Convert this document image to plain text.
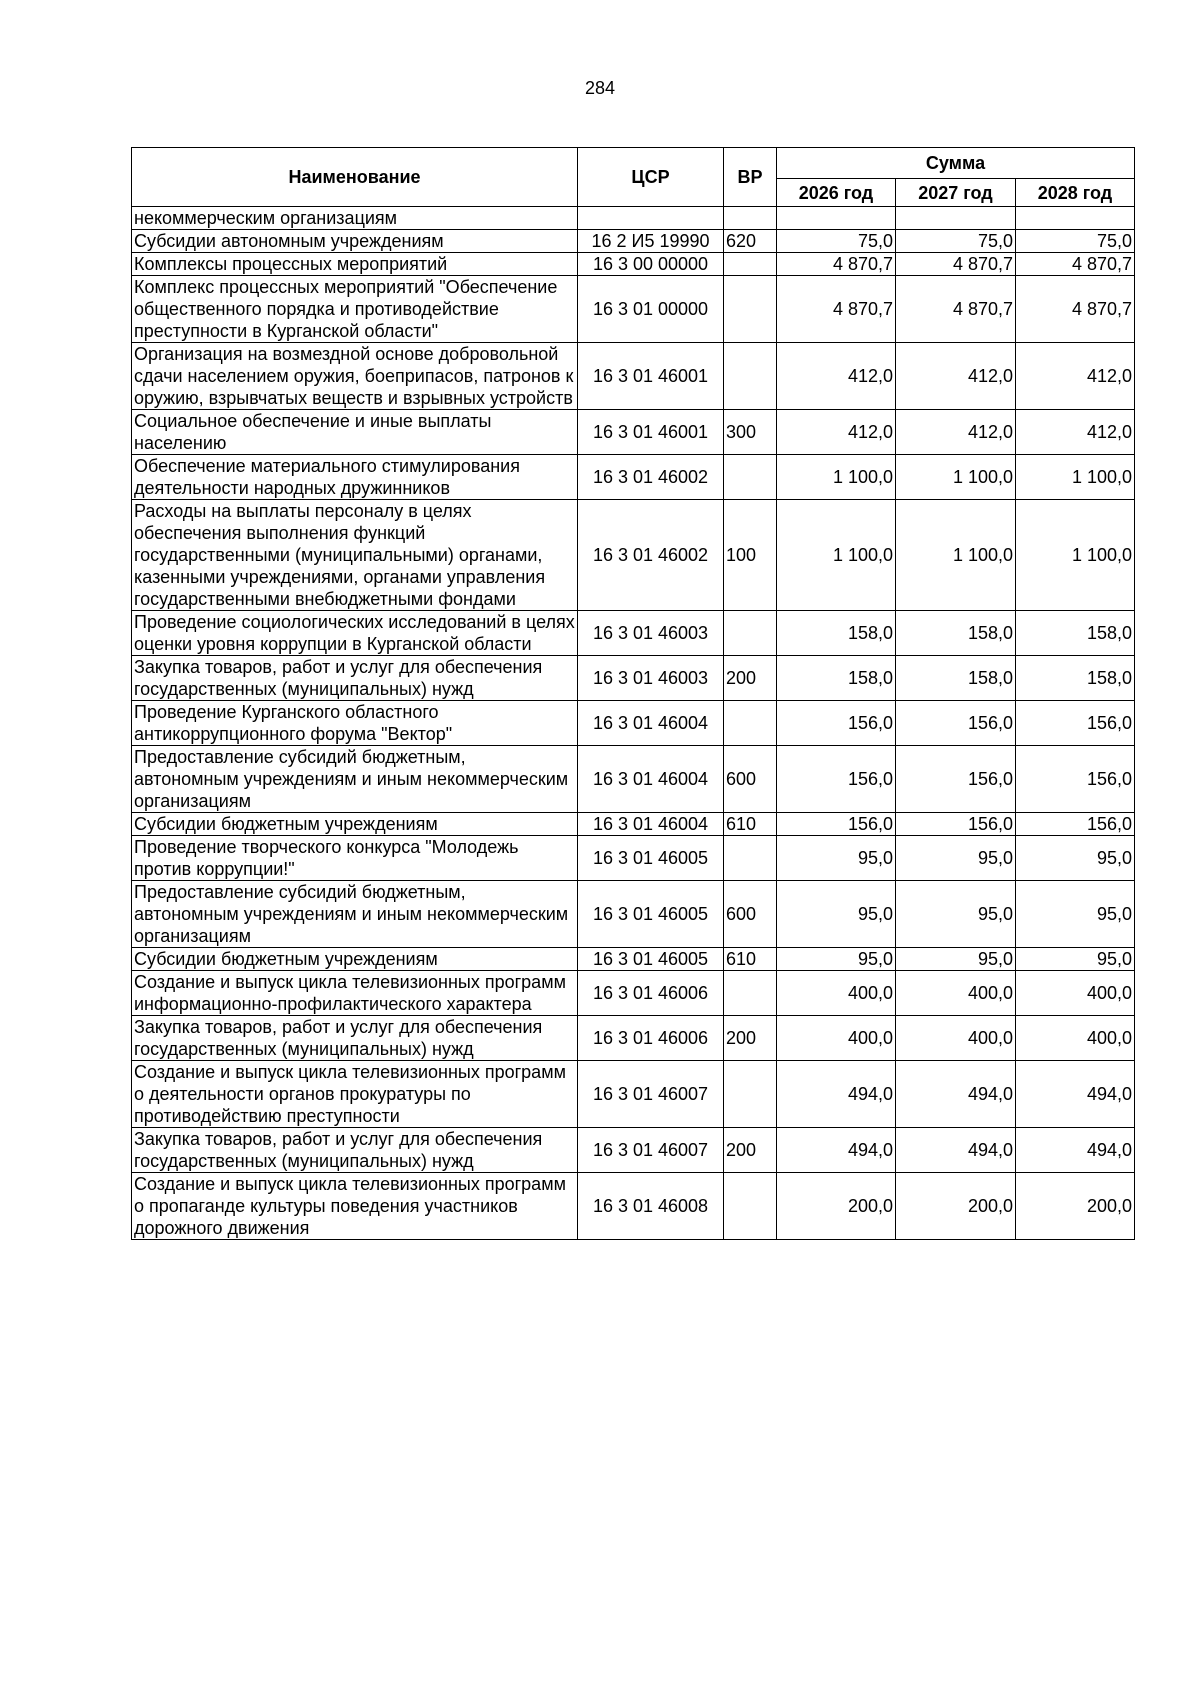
284
Наименование	ЦСР	ВР	Сумма		
			2026 год	2027 год	2028 год
некоммерческим организациям					
Субсидии автономным учреждениям	16 2 И5 19990	620	75,0	75,0	75,0
Комплексы процессных мероприятий	16 3 00 00000		4 870,7	4 870,7	4 870,7
Комплекс процессных мероприятий "Обеспечение общественного порядка и противодействие преступности в Курганской области"	16 3 01 00000		4 870,7	4 870,7	4 870,7
Организация на возмездной основе добровольной сдачи населением оружия, боеприпасов, патронов к оружию, взрывчатых веществ и взрывных устройств	16 3 01 46001		412,0	412,0	412,0
Социальное обеспечение и иные выплаты населению	16 3 01 46001	300	412,0	412,0	412,0
Обеспечение материального стимулирования деятельности народных дружинников	16 3 01 46002		1 100,0	1 100,0	1 100,0
Расходы на выплаты персоналу в целях обеспечения выполнения функций государственными (муниципальными) органами, казенными учреждениями, органами управления государственными внебюджетными фондами	16 3 01 46002	100	1 100,0	1 100,0	1 100,0
Проведение социологических исследований в целях оценки уровня коррупции в Курганской области	16 3 01 46003		158,0	158,0	158,0
Закупка товаров, работ и услуг для обеспечения государственных (муниципальных) нужд	16 3 01 46003	200	158,0	158,0	158,0
Проведение Курганского областного антикоррупционного форума "Вектор"	16 3 01 46004		156,0	156,0	156,0
Предоставление субсидий бюджетным, автономным учреждениям и иным некоммерческим организациям	16 3 01 46004	600	156,0	156,0	156,0
Субсидии бюджетным учреждениям	16 3 01 46004	610	156,0	156,0	156,0
Проведение творческого конкурса "Молодежь против коррупции!"	16 3 01 46005		95,0	95,0	95,0
Предоставление субсидий бюджетным, автономным учреждениям и иным некоммерческим организациям	16 3 01 46005	600	95,0	95,0	95,0
Субсидии бюджетным учреждениям	16 3 01 46005	610	95,0	95,0	95,0
Создание и выпуск цикла телевизионных программ информационно-профилактического характера	16 3 01 46006		400,0	400,0	400,0
Закупка товаров, работ и услуг для обеспечения государственных (муниципальных) нужд	16 3 01 46006	200	400,0	400,0	400,0
Создание и выпуск цикла телевизионных программ о деятельности органов прокуратуры по противодействию преступности	16 3 01 46007		494,0	494,0	494,0
Закупка товаров, работ и услуг для обеспечения государственных (муниципальных) нужд	16 3 01 46007	200	494,0	494,0	494,0
Создание и выпуск цикла телевизионных программ о пропаганде культуры поведения участников дорожного движения	16 3 01 46008		200,0	200,0	200,0
